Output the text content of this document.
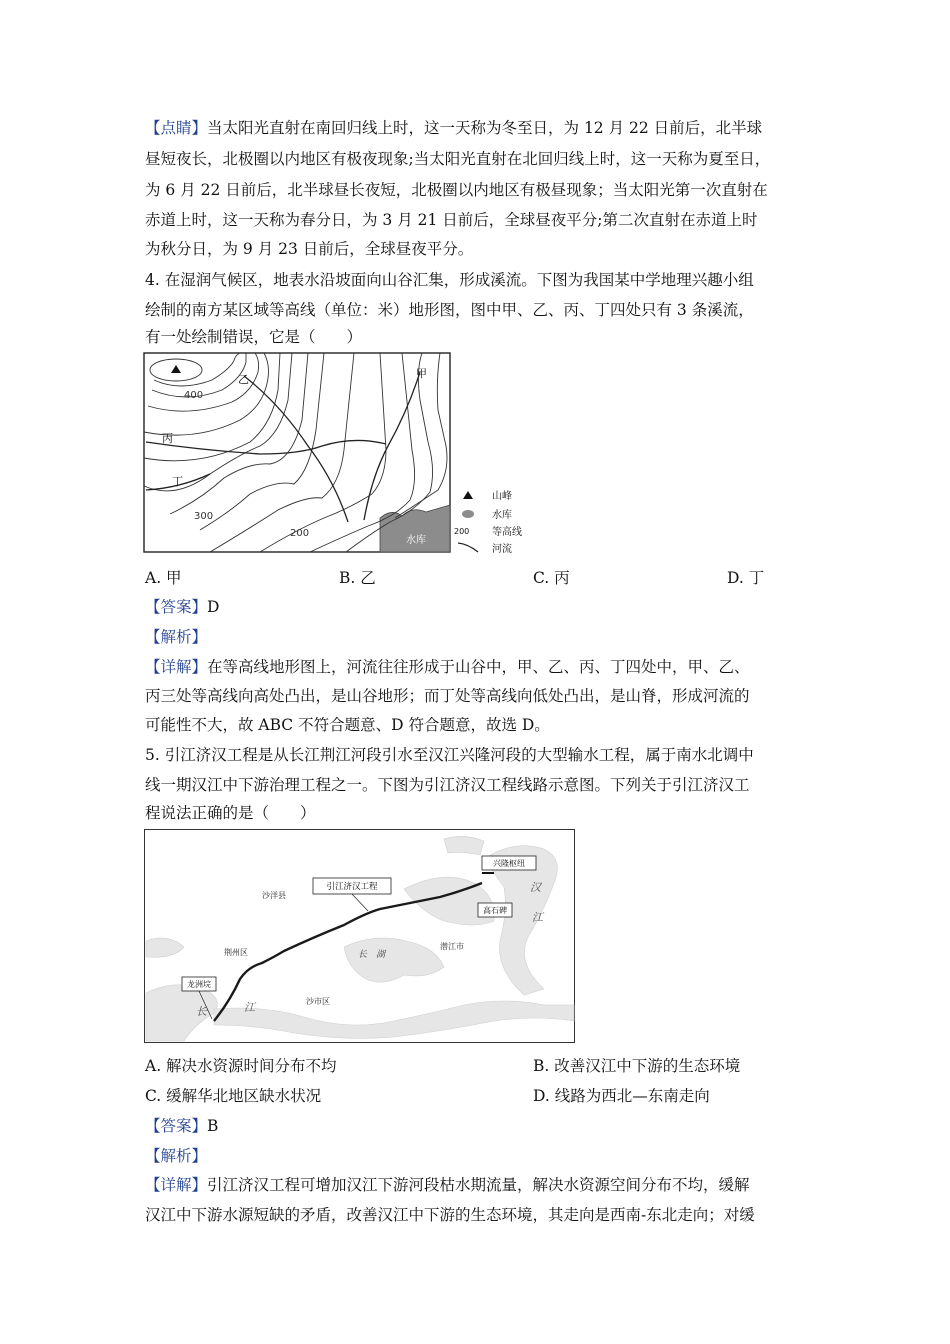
【点睛】当太阳光直射在南回归线上时，这一天称为冬至日，为 12 月 22 日前后，北半球
昼短夜长，北极圈以内地区有极夜现象;当太阳光直射在北回归线上时，这一天称为夏至日，
为 6 月 22 日前后，北半球昼长夜短，北极圈以内地区有极昼现象；当太阳光第一次直射在
赤道上时，这一天称为春分日，为 3 月 21 日前后，全球昼夜平分;第二次直射在赤道上时
为秋分日，为 9 月 23 日前后，全球昼夜平分。
4. 在湿润气候区，地表水沿坡面向山谷汇集，形成溪流。下图为我国某中学地理兴趣小组
绘制的南方某区域等高线（单位：米）地形图，图中甲、乙、丙、丁四处只有 3 条溪流，
有一处绘制错误，它是（　　）
水库
400
300
200
乙	甲
丙
丁
山峰
水库
200 等高线
河流
A. 甲	B. 乙	C. 丙	D. 丁
【答案】D
【解析】
【详解】在等高线地形图上，河流往往形成于山谷中，甲、乙、丙、丁四处中，甲、乙、
丙三处等高线向高处凸出，是山谷地形；而丁处等高线向低处凸出，是山脊，形成河流的
可能性不大，故 ABC 不符合题意、D 符合题意，故选 D。
5. 引江济汉工程是从长江荆江河段引水至汉江兴隆河段的大型输水工程，属于南水北调中
线一期汉江中下游治理工程之一。下图为引江济汉工程线路示意图。下列关于引江济汉工
程说法正确的是（　　）
沙洋县
引江济汉工程
兴隆枢纽
高石碑
汉
江
荆州区	长 湖
潜江市
龙洲垸
沙市区
长	江
A. 解决水资源时间分布不均	B. 改善汉江中下游的生态环境
C. 缓解华北地区缺水状况	D. 线路为西北—东南走向
【答案】B
【解析】
【详解】引江济汉工程可增加汉江下游河段枯水期流量，解决水资源空间分布不均，缓解
汉江中下游水源短缺的矛盾，改善汉江中下游的生态环境，其走向是西南-东北走向；对缓
